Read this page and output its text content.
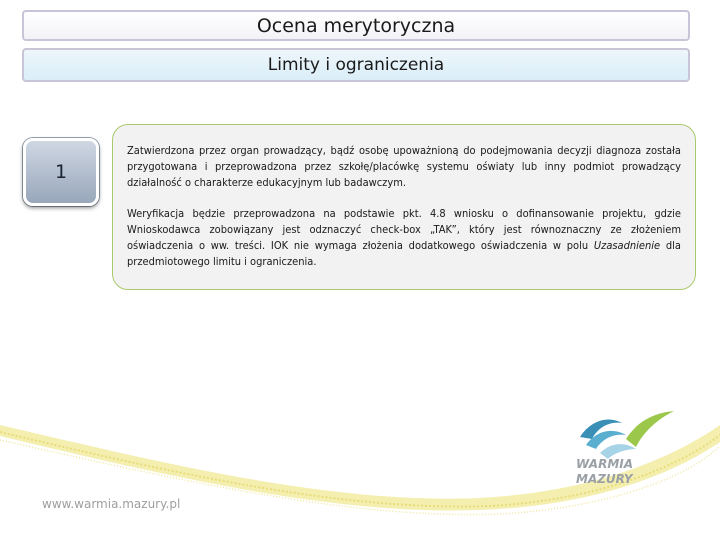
Ocena merytoryczna
Limity i ograniczenia
1

Zatwierdzona przez organ prowadzący, bądź osobę upoważnioną do podejmowania decyzji diagnoza została przygotowana i przeprowadzona przez szkołę/placówkę systemu oświaty lub inny podmiot prowadzący działalność o charakterze edukacyjnym lub badawczym.

Weryfikacja będzie przeprowadzona na podstawie pkt. 4.8 wniosku o dofinansowanie projektu, gdzie Wnioskodawca zobowiązany jest odznaczyć check-box „TAK”, który jest równoznaczny ze złożeniem oświadczenia o ww. treści. IOK nie wymaga złożenia dodatkowego oświadczenia w polu Uzasadnienie dla przedmiotowego limitu i ograniczenia.

www.warmia.mazury.pl
WARMIA
MAZURY
